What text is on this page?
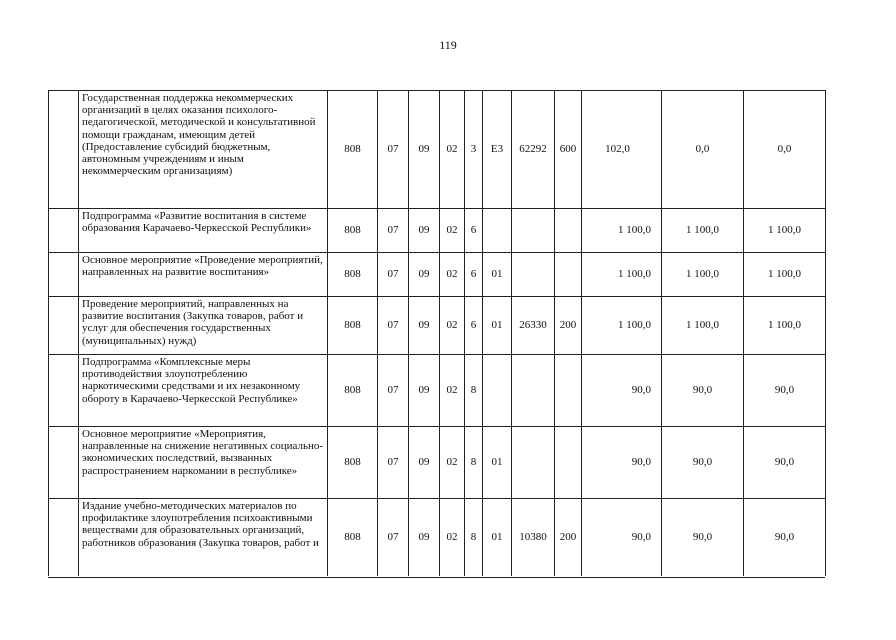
119
	Государственная поддержка некоммерческих организаций в целях оказания психолого-педагогической, методической и консультативной помощи гражданам, имеющим детей (Предоставление субсидий бюджетным, автономным учреждениям и иным некоммерческим организациям)	808	07	09	02	3	Е3	62292	600	102,0	0,0	0,0
	Подпрограмма «Развитие воспитания в системе образования Карачаево-Черкесской Республики»	808	07	09	02	6				1 100,0	1 100,0	1 100,0
	Основное мероприятие «Проведение мероприятий, направленных на развитие воспитания»	808	07	09	02	6	01			1 100,0	1 100,0	1 100,0
	Проведение мероприятий, направленных на развитие воспитания (Закупка товаров, работ и услуг для обеспечения государственных (муниципальных) нужд)	808	07	09	02	6	01	26330	200	1 100,0	1 100,0	1 100,0
	Подпрограмма «Комплексные меры противодействия злоупотреблению наркотическими средствами и их незаконному обороту в Карачаево-Черкесской Республике»	808	07	09	02	8				90,0	90,0	90,0
	Основное мероприятие «Мероприятия, направленные на снижение негативных социально-экономических последствий, вызванных распространением наркомании в республике»	808	07	09	02	8	01			90,0	90,0	90,0
	Издание учебно-методических материалов по профилактике злоупотребления психоактивными веществами для образовательных организаций, работников образования (Закупка товаров, работ и	808	07	09	02	8	01	10380	200	90,0	90,0	90,0
